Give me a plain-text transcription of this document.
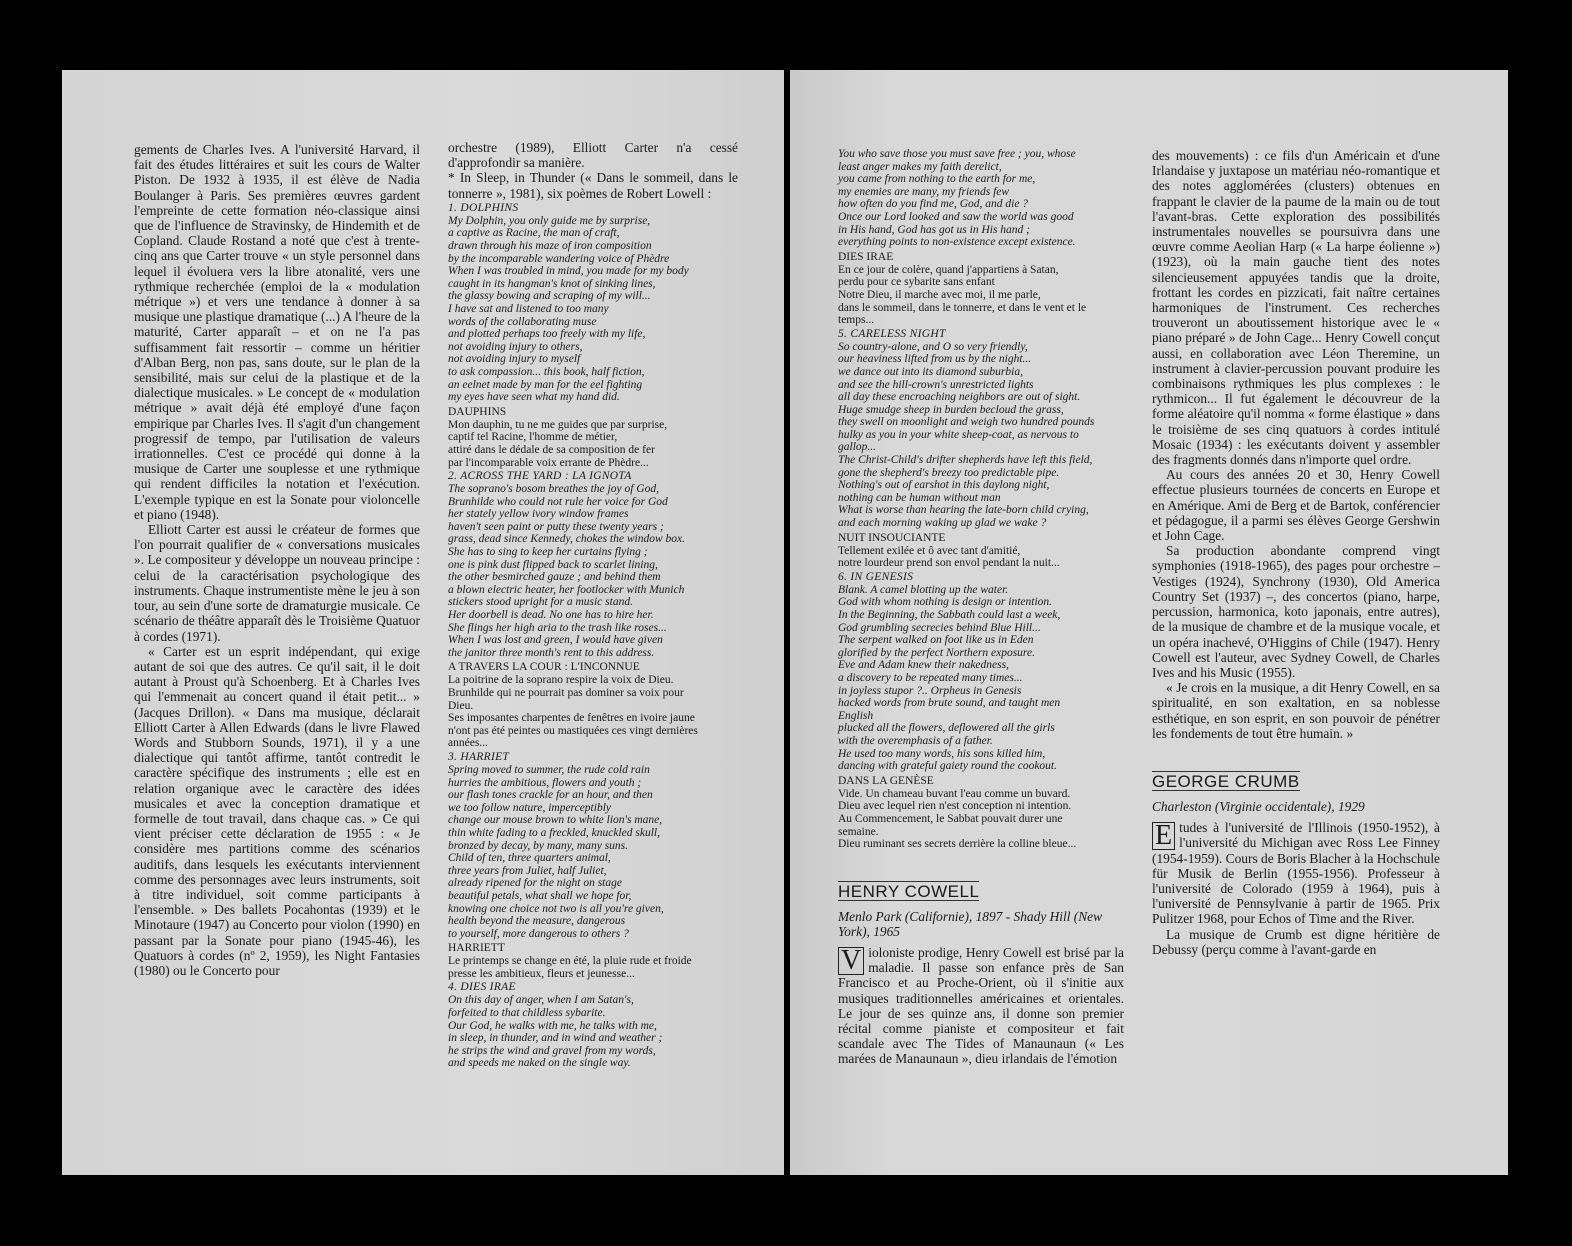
gements de Charles Ives. A l'université Harvard, il fait des études littéraires et suit les cours de Walter Piston. De 1932 à 1935, il est élève de Nadia Boulanger à Paris. Ses premières œuvres gardent l'empreinte de cette formation néo-classique ainsi que de l'influence de Stravinsky, de Hindemith et de Copland. Claude Rostand a noté que c'est à trente-cinq ans que Carter trouve « un style personnel dans lequel il évoluera vers la libre atonalité, vers une rythmique recherchée (emploi de la « modulation métrique ») et vers une tendance à donner à sa musique une plastique dramatique (...) A l'heure de la maturité, Carter apparaît – et on ne l'a pas suffisamment fait ressortir – comme un héritier d'Alban Berg, non pas, sans doute, sur le plan de la sensibilité, mais sur celui de la plastique et de la dialectique musicales. » Le concept de « modulation métrique » avait déjà été employé d'une façon empirique par Charles Ives. Il s'agit d'un changement progressif de tempo, par l'utilisation de valeurs irrationnelles. C'est ce procédé qui donne à la musique de Carter une souplesse et une rythmique qui rendent difficiles la notation et l'exécution. L'exemple typique en est la Sonate pour violoncelle et piano (1948).

Elliott Carter est aussi le créateur de formes que l'on pourrait qualifier de « conversations musicales ». Le compositeur y développe un nouveau principe : celui de la caractérisation psychologique des instruments. Chaque instrumentiste mène le jeu à son tour, au sein d'une sorte de dramaturgie musicale. Ce scénario de théâtre apparaît dès le Troisième Quatuor à cordes (1971).

« Carter est un esprit indépendant, qui exige autant de soi que des autres. Ce qu'il sait, il le doit autant à Proust qu'à Schoenberg. Et à Charles Ives qui l'emmenait au concert quand il était petit... » (Jacques Drillon). « Dans ma musique, déclarait Elliott Carter à Allen Edwards (dans le livre Flawed Words and Stubborn Sounds, 1971), il y a une dialectique qui tantôt affirme, tantôt contredit le caractère spécifique des instruments ; elle est en relation organique avec le caractère des idées musicales et avec la conception dramatique et formelle de tout travail, dans chaque cas. » Ce qui vient préciser cette déclaration de 1955 : « Je considère mes partitions comme des scénarios auditifs, dans lesquels les exécutants interviennent comme des personnages avec leurs instruments, soit à titre individuel, soit comme participants à l'ensemble. » Des ballets Pocahontas (1939) et le Minotaure (1947) au Concerto pour violon (1990) en passant par la Sonate pour piano (1945-46), les Quatuors à cordes (nº 2, 1959), les Night Fantasies (1980) ou le Concerto pour

orchestre (1989), Elliott Carter n'a cessé d'approfondir sa manière.

* In Sleep, in Thunder (« Dans le sommeil, dans le tonnerre », 1981), six poèmes de Robert Lowell :

1. DOLPHINS
My Dolphin, you only guide me by surprise,
a captive as Racine, the man of craft,
drawn through his maze of iron composition
by the incomparable wandering voice of Phèdre
When I was troubled in mind, you made for my body
caught in its hangman's knot of sinking lines,
the glassy bowing and scraping of my will...
I have sat and listened to too many
words of the collaborating muse
and plotted perhaps too freely with my life,
not avoiding injury to others,
not avoiding injury to myself
to ask compassion... this book, half fiction,
an eelnet made by man for the eel fighting
my eyes have seen what my hand did.
DAUPHINS
Mon dauphin, tu ne me guides que par surprise,
captif tel Racine, l'homme de métier,
attiré dans le dédale de sa composition de fer
par l'incomparable voix errante de Phèdre...
2. ACROSS THE YARD : LA IGNOTA
The soprano's bosom breathes the joy of God,
Brunhilde who could not rule her voice for God
her stately yellow ivory window frames
haven't seen paint or putty these twenty years ;
grass, dead since Kennedy, chokes the window box.
She has to sing to keep her curtains flying ;
one is pink dust flipped back to scarlet lining,
the other besmirched gauze ; and behind them
a blown electric heater, her footlocker with Munich
stickers stood upright for a music stand.
Her doorbell is dead. No one has to hire her.
She flings her high aria to the trash like roses...
When I was lost and green, I would have given
the janitor three month's rent to this address.
A TRAVERS LA COUR : L'INCONNUE
La poitrine de la soprano respire la voix de Dieu.
Brunhilde qui ne pourrait pas dominer sa voix pour
Dieu.
Ses imposantes charpentes de fenêtres en ivoire jaune
n'ont pas été peintes ou mastiquées ces vingt dernières
années...
3. HARRIET
Spring moved to summer, the rude cold rain
hurries the ambitious, flowers and youth ;
our flash tones crackle for an hour, and then
we too follow nature, imperceptibly
change our mouse brown to white lion's mane,
thin white fading to a freckled, knuckled skull,
bronzed by decay, by many, many suns.
Child of ten, three quarters animal,
three years from Juliet, half Juliet,
already ripened for the night on stage
beautiful petals, what shall we hope for,
knowing one choice not two is all you're given,
health beyond the measure, dangerous
to yourself, more dangerous to others ?
HARRIETT
Le printemps se change en été, la pluie rude et froide
presse les ambitieux, fleurs et jeunesse...
4. DIES IRAE
On this day of anger, when I am Satan's,
forfeited to that childless sybarite.
Our God, he walks with me, he talks with me,
in sleep, in thunder, and in wind and weather ;
he strips the wind and gravel from my words,
and speeds me naked on the single way.
You who save those you must save free ; you, whose
least anger makes my faith derelict,
you came from nothing to the earth for me,
my enemies are many, my friends few
how often do you find me, God, and die ?
Once our Lord looked and saw the world was good
in His hand, God has got us in His hand ;
everything points to non-existence except existence.
DIES IRAE
En ce jour de colère, quand j'appartiens à Satan,
perdu pour ce sybarite sans enfant
Notre Dieu, il marche avec moi, il me parle,
dans le sommeil, dans le tonnerre, et dans le vent et le
temps...
5. CARELESS NIGHT
So country-alone, and O so very friendly,
our heaviness lifted from us by the night...
we dance out into its diamond suburbia,
and see the hill-crown's unrestricted lights
all day these encroaching neighbors are out of sight.
Huge smudge sheep in burden becloud the grass,
they swell on moonlight and weigh two hundred pounds
hulky as you in your white sheep-coat, as nervous to
gallop...
The Christ-Child's drifter shepherds have left this field,
gone the shepherd's breezy too predictable pipe.
Nothing's out of earshot in this daylong night,
nothing can be human without man
What is worse than hearing the late-born child crying,
and each morning waking up glad we wake ?
NUIT INSOUCIANTE
Tellement exilée et ô avec tant d'amitié,
notre lourdeur prend son envol pendant la nuit...
6. IN GENESIS
Blank. A camel blotting up the water.
God with whom nothing is design or intention.
In the Beginning, the Sabbath could last a week,
God grumbling secrecies behind Blue Hill...
The serpent walked on foot like us in Eden
glorified by the perfect Northern exposure.
Eve and Adam knew their nakedness,
a discovery to be repeated many times...
in joyless stupor ?.. Orpheus in Genesis
hacked words from brute sound, and taught men
English
plucked all the flowers, deflowered all the girls
with the overemphasis of a father.
He used too many words, his sons killed him,
dancing with grateful gaiety round the cookout.
DANS LA GENÈSE
Vide. Un chameau buvant l'eau comme un buvard.
Dieu avec lequel rien n'est conception ni intention.
Au Commencement, le Sabbat pouvait durer une
semaine.
Dieu ruminant ses secrets derrière la colline bleue...
HENRY COWELL
Menlo Park (Californie), 1897 - Shady Hill (New York), 1965

V ioloniste prodige, Henry Cowell est brisé par la maladie. Il passe son enfance près de San Francisco et au Proche-Orient, où il s'initie aux musiques traditionnelles américaines et orientales. Le jour de ses quinze ans, il donne son premier récital comme pianiste et compositeur et fait scandale avec The Tides of Manaunaun (« Les marées de Manaunaun », dieu irlandais de l'émotion

des mouvements) : ce fils d'un Américain et d'une Irlandaise y juxtapose un matériau néo-romantique et des notes agglomérées (clusters) obtenues en frappant le clavier de la paume de la main ou de tout l'avant-bras. Cette exploration des possibilités instrumentales nouvelles se poursuivra dans une œuvre comme Aeolian Harp (« La harpe éolienne ») (1923), où la main gauche tient des notes silencieusement appuyées tandis que la droite, frottant les cordes en pizzicati, fait naître certaines harmoniques de l'instrument. Ces recherches trouveront un aboutissement historique avec le « piano préparé » de John Cage... Henry Cowell conçut aussi, en collaboration avec Léon Theremine, un instrument à clavier-percussion pouvant produire les combinaisons rythmiques les plus complexes : le rythmicon... Il fut également le découvreur de la forme aléatoire qu'il nomma « forme élastique » dans le troisième de ses cinq quatuors à cordes intitulé Mosaic (1934) : les exécutants doivent y assembler des fragments donnés dans n'importe quel ordre.

Au cours des années 20 et 30, Henry Cowell effectue plusieurs tournées de concerts en Europe et en Amérique. Ami de Berg et de Bartok, conférencier et pédagogue, il a parmi ses élèves George Gershwin et John Cage.

Sa production abondante comprend vingt symphonies (1918-1965), des pages pour orchestre – Vestiges (1924), Synchrony (1930), Old America Country Set (1937) –, des concertos (piano, harpe, percussion, harmonica, koto japonais, entre autres), de la musique de chambre et de la musique vocale, et un opéra inachevé, O'Higgins of Chile (1947). Henry Cowell est l'auteur, avec Sydney Cowell, de Charles Ives and his Music (1955).

« Je crois en la musique, a dit Henry Cowell, en sa spiritualité, en son exaltation, en sa noblesse esthétique, en son esprit, en son pouvoir de pénétrer les fondements de tout être humain. »

GEORGE CRUMB
Charleston (Virginie occidentale), 1929

E tudes à l'université de l'Illinois (1950-1952), à l'université du Michigan avec Ross Lee Finney (1954-1959). Cours de Boris Blacher à la Hochschule für Musik de Berlin (1955-1956). Professeur à l'université de Colorado (1959 à 1964), puis à l'université de Pennsylvanie à partir de 1965. Prix Pulitzer 1968, pour Echos of Time and the River.

La musique de Crumb est digne héritière de Debussy (perçu comme à l'avant-garde en
